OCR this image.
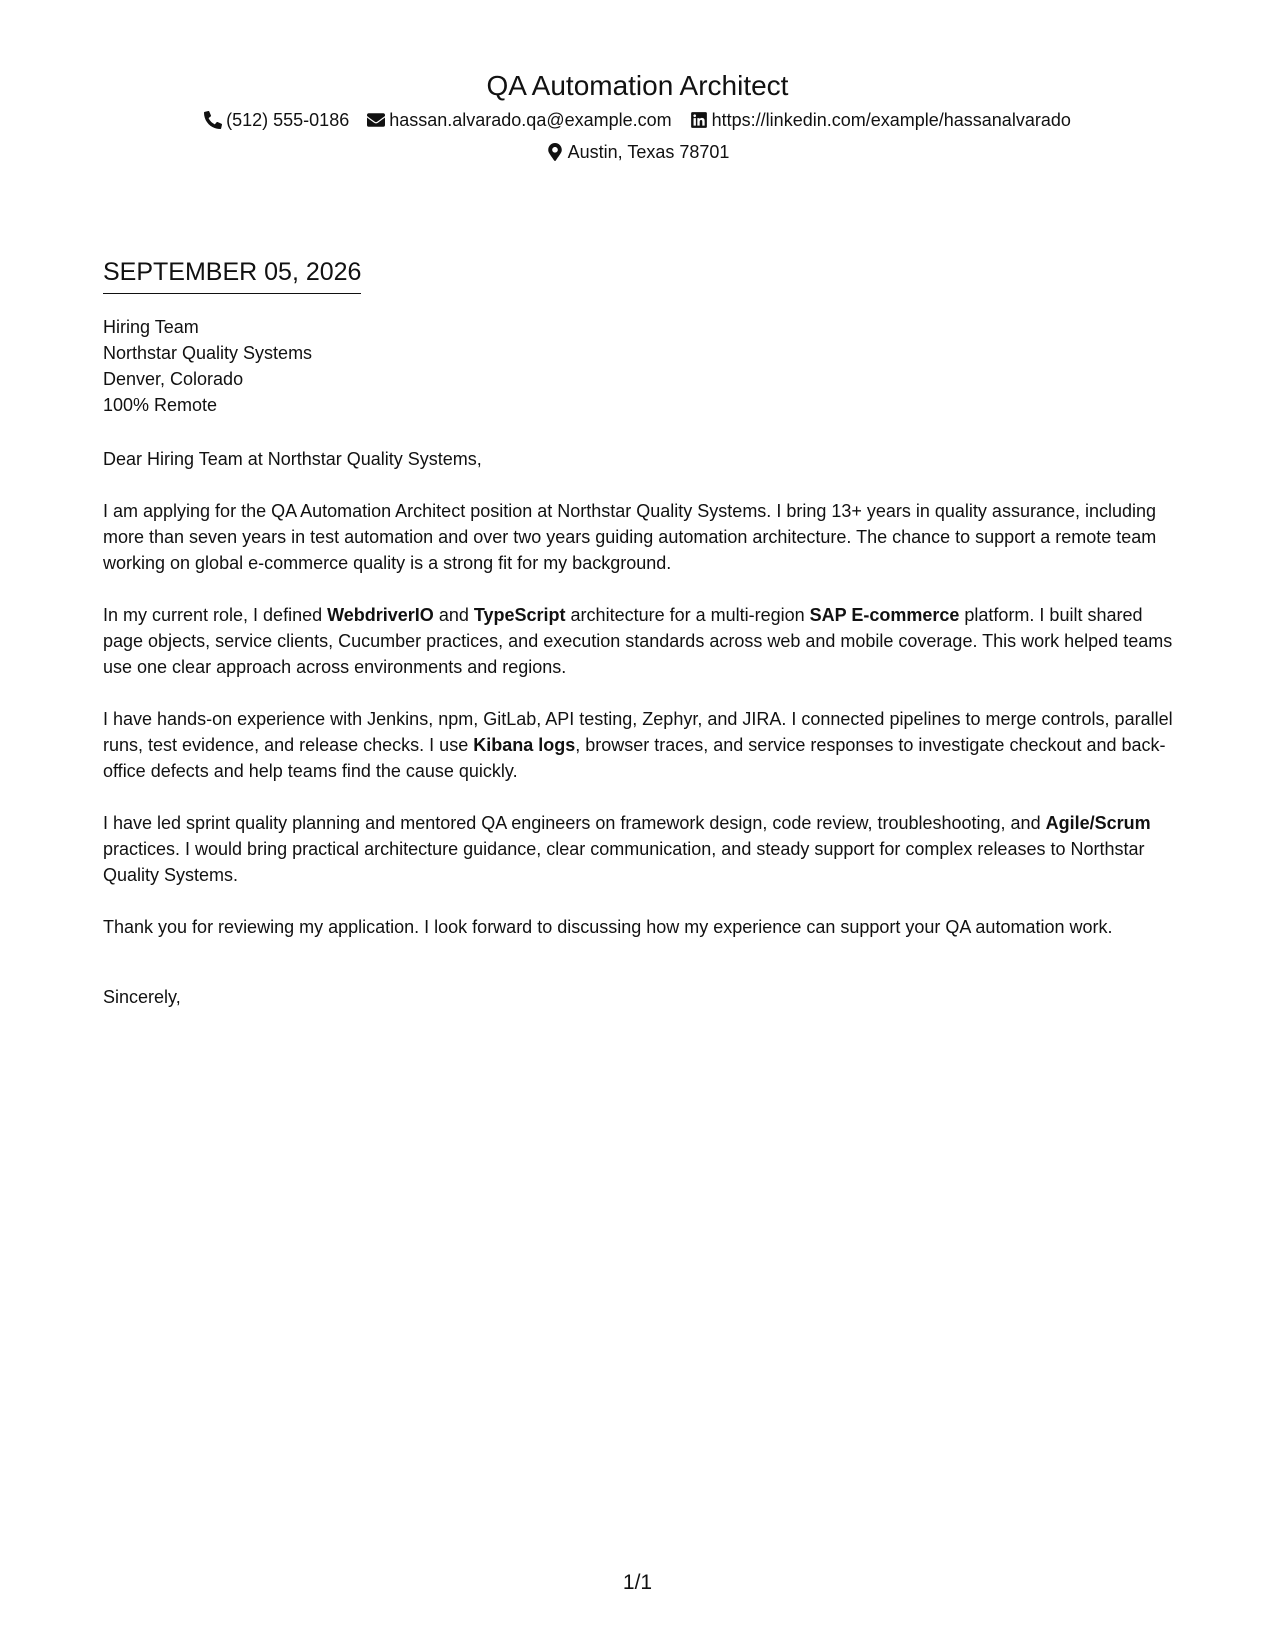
QA Automation Architect
(512) 555-0186 hassan.alvarado.qa@example.com https://linkedin.com/example/hassanalvarado
Austin, Texas 78701
SEPTEMBER 05, 2026
Hiring Team
Northstar Quality Systems
Denver, Colorado
100% Remote

Dear Hiring Team at Northstar Quality Systems,

I am applying for the QA Automation Architect position at Northstar Quality Systems. I bring 13+ years in quality assurance, including more than seven years in test automation and over two years guiding automation architecture. The chance to support a remote team working on global e-commerce quality is a strong fit for my background.

In my current role, I defined WebdriverIO and TypeScript architecture for a multi-region SAP E-commerce platform. I built shared page objects, service clients, Cucumber practices, and execution standards across web and mobile coverage. This work helped teams use one clear approach across environments and regions.

I have hands-on experience with Jenkins, npm, GitLab, API testing, Zephyr, and JIRA. I connected pipelines to merge controls, parallel runs, test evidence, and release checks. I use Kibana logs, browser traces, and service responses to investigate checkout and back-office defects and help teams find the cause quickly.

I have led sprint quality planning and mentored QA engineers on framework design, code review, troubleshooting, and Agile/Scrum practices. I would bring practical architecture guidance, clear communication, and steady support for complex releases to Northstar Quality Systems.

Thank you for reviewing my application. I look forward to discussing how my experience can support your QA automation work.

Sincerely,
1/1
